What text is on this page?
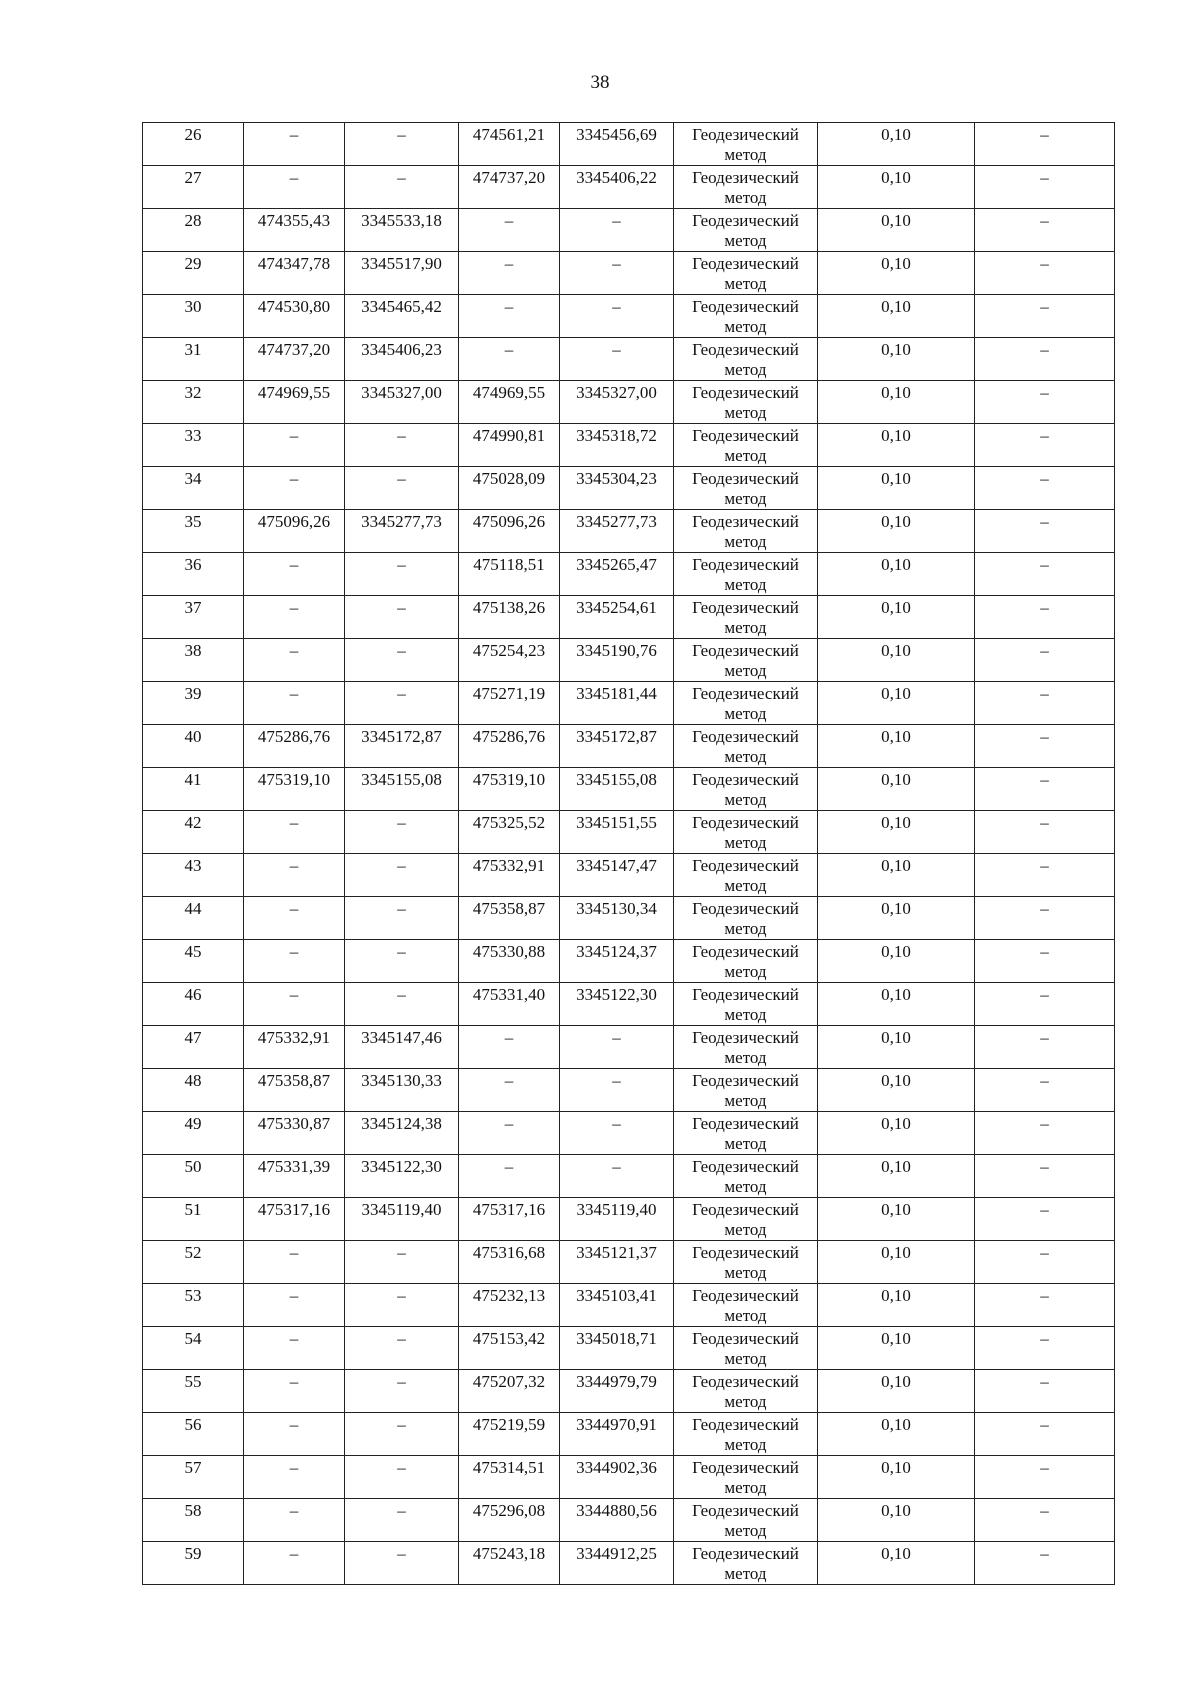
38
26	–	–	474561,21	3345456,69	Геодезический метод	0,10	–

27	–	–	474737,20	3345406,22	Геодезический метод	0,10	–

28	474355,43	3345533,18	–	–	Геодезический метод	0,10	–

29	474347,78	3345517,90	–	–	Геодезический метод	0,10	–

30	474530,80	3345465,42	–	–	Геодезический метод	0,10	–

31	474737,20	3345406,23	–	–	Геодезический метод	0,10	–

32	474969,55	3345327,00	474969,55	3345327,00	Геодезический метод	0,10	–

33	–	–	474990,81	3345318,72	Геодезический метод	0,10	–

34	–	–	475028,09	3345304,23	Геодезический метод	0,10	–

35	475096,26	3345277,73	475096,26	3345277,73	Геодезический метод	0,10	–

36	–	–	475118,51	3345265,47	Геодезический метод	0,10	–

37	–	–	475138,26	3345254,61	Геодезический метод	0,10	–

38	–	–	475254,23	3345190,76	Геодезический метод	0,10	–

39	–	–	475271,19	3345181,44	Геодезический метод	0,10	–

40	475286,76	3345172,87	475286,76	3345172,87	Геодезический метод	0,10	–

41	475319,10	3345155,08	475319,10	3345155,08	Геодезический метод	0,10	–

42	–	–	475325,52	3345151,55	Геодезический метод	0,10	–

43	–	–	475332,91	3345147,47	Геодезический метод	0,10	–

44	–	–	475358,87	3345130,34	Геодезический метод	0,10	–

45	–	–	475330,88	3345124,37	Геодезический метод	0,10	–

46	–	–	475331,40	3345122,30	Геодезический метод	0,10	–

47	475332,91	3345147,46	–	–	Геодезический метод	0,10	–

48	475358,87	3345130,33	–	–	Геодезический метод	0,10	–

49	475330,87	3345124,38	–	–	Геодезический метод	0,10	–

50	475331,39	3345122,30	–	–	Геодезический метод	0,10	–

51	475317,16	3345119,40	475317,16	3345119,40	Геодезический метод	0,10	–

52	–	–	475316,68	3345121,37	Геодезический метод	0,10	–

53	–	–	475232,13	3345103,41	Геодезический метод	0,10	–

54	–	–	475153,42	3345018,71	Геодезический метод	0,10	–

55	–	–	475207,32	3344979,79	Геодезический метод	0,10	–

56	–	–	475219,59	3344970,91	Геодезический метод	0,10	–

57	–	–	475314,51	3344902,36	Геодезический метод	0,10	–

58	–	–	475296,08	3344880,56	Геодезический метод	0,10	–

59	–	–	475243,18	3344912,25	Геодезический метод	0,10	–
